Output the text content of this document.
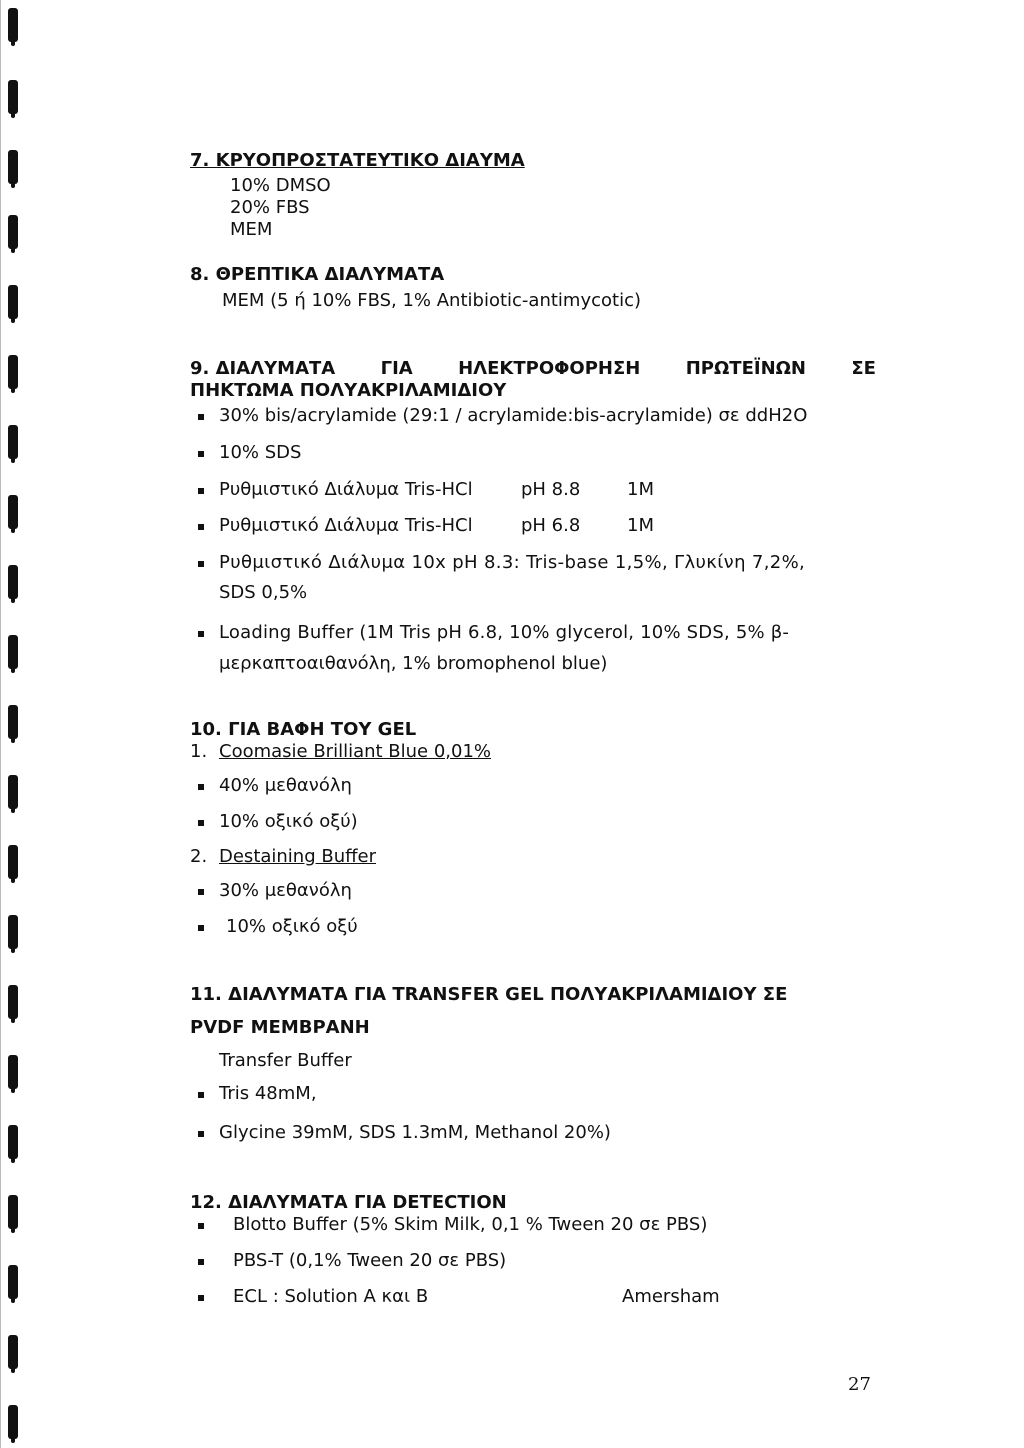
7. ΚΡΥΟΠΡΟΣΤΑΤΕΥΤΙΚΟ ΔΙΑΥΜΑ
10% DMSO
20% FBS
MEM
8. ΘΡΕΠΤΙΚΑ ΔΙΑΛΥΜΑΤΑ
MEM (5 ή 10% FBS, 1% Antibiotic-antimycotic)
9. ΔΙΑΛΥΜΑΤΑ	ΓΙΑ	ΗΛΕΚΤΡΟΦΟΡΗΣΗ	ΠΡΩΤΕΪΝΩΝ	ΣΕ
ΠΗΚΤΩΜΑ ΠΟΛΥΑΚΡΙΛΑΜΙΔΙΟΥ
30% bis/acrylamide (29:1 / acrylamide:bis-acrylamide) σε ddH2O
10% SDS
Ρυθμιστικό Διάλυμα Tris-HCl	pH 8.8	1M
Ρυθμιστικό Διάλυμα Tris-HCl	pH 6.8	1M
Ρυθμιστικό Διάλυμα 10x pH 8.3: Tris-base 1,5%, Γλυκίνη 7,2%,
SDS 0,5%
Loading Buffer (1M Tris pH 6.8, 10% glycerol, 10% SDS, 5% β-
μερκαπτοαιθανόλη, 1% bromophenol blue)
10. ΓΙΑ ΒΑΦΗ ΤΟΥ GEL
1. Coomasie Brilliant Blue 0,01%
40% μεθανόλη
10% οξικό οξύ)
2. Destaining Buffer
30% μεθανόλη
10% οξικό οξύ
11. ΔΙΑΛΥΜΑΤΑ ΓΙΑ TRANSFER GEL ΠΟΛΥΑΚΡΙΛΑΜΙΔΙΟΥ ΣΕ
PVDF ΜΕΜΒΡΑΝΗ
Transfer Buffer
Tris 48mM,
Glycine 39mM, SDS 1.3mM, Methanol 20%)
12. ΔΙΑΛΥΜΑΤΑ ΓΙΑ DETECTION
Blotto Buffer (5% Skim Milk, 0,1 % Tween 20 σε PBS)
PBS-T (0,1% Tween 20 σε PBS)
ECL : Solution A και B	Amersham
27
